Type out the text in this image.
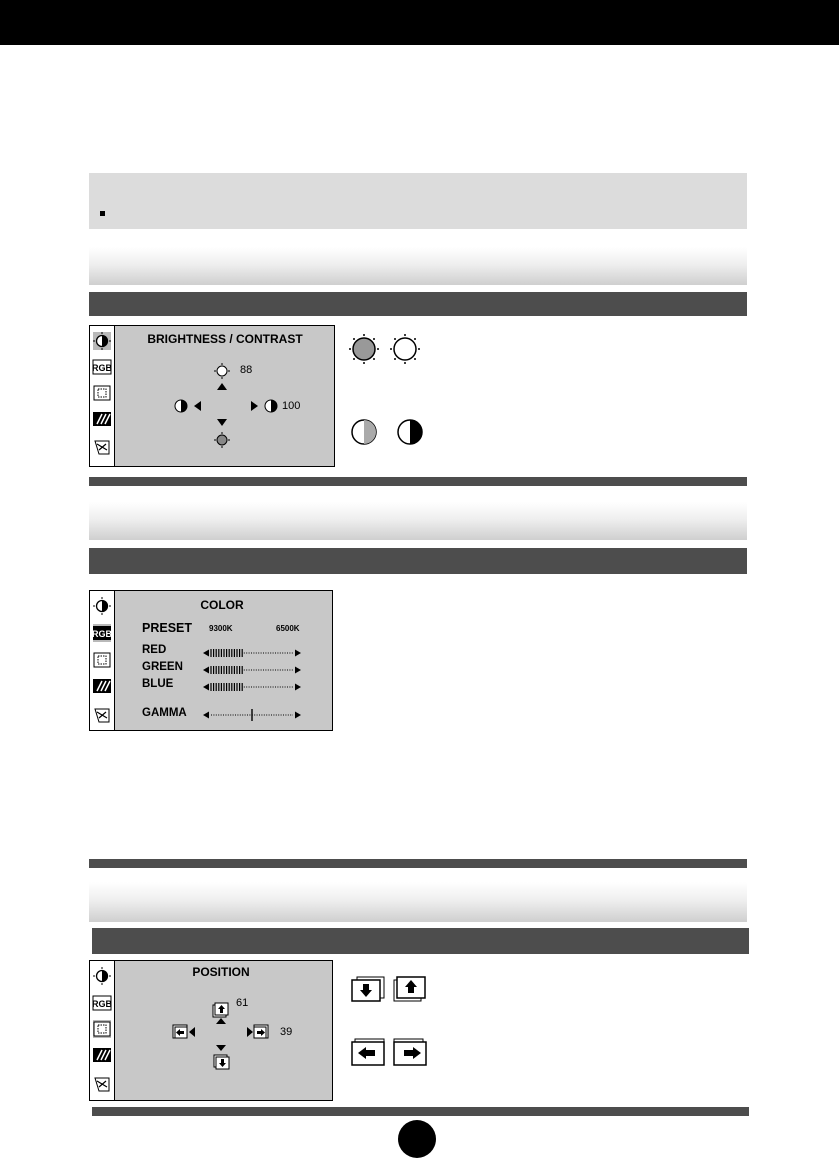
RGB
BRIGHTNESS / CONTRAST
88
100
RGB
COLOR
PRESET 9300K	6500K
RED
GREEN
BLUE
GAMMA
RGB
POSITION
61
39
